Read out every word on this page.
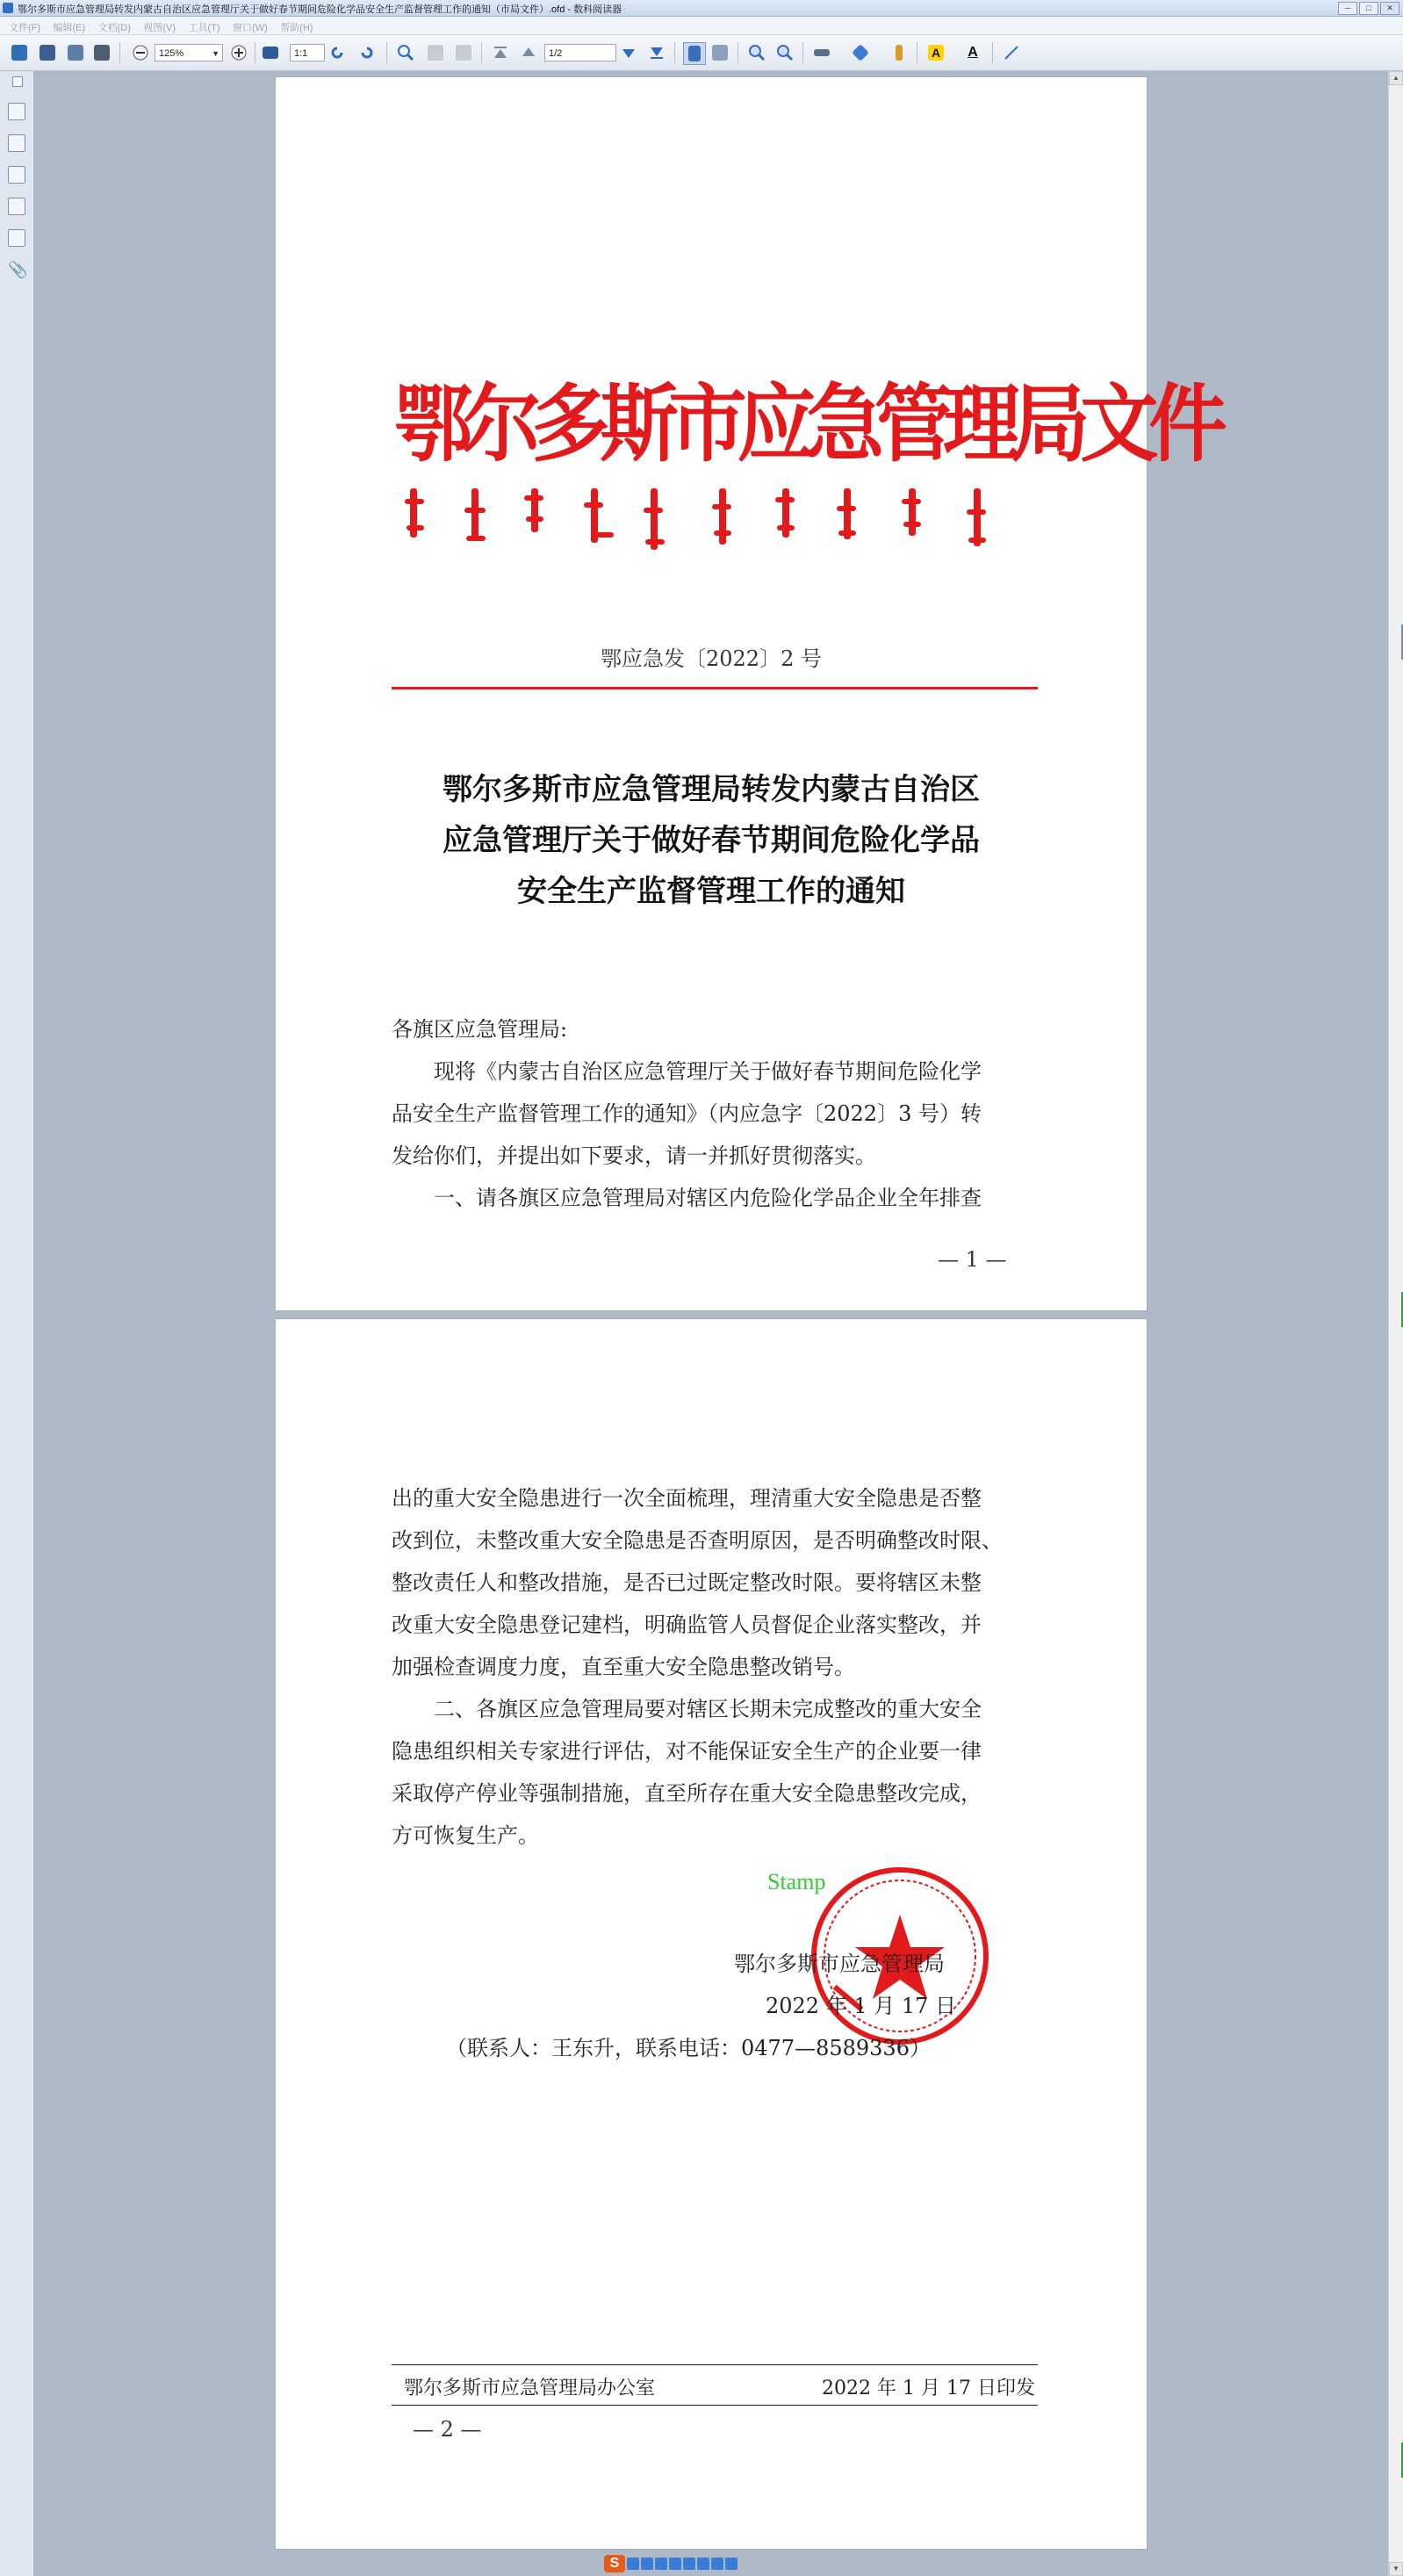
鄂尔多斯市应急管理局转发内蒙古自治区应急管理厅关于做好春节期间危险化学品安全生产监督管理工作的通知（市局文件）.ofd - 数科阅读器	─	□	✕
文件(F) 编辑(E) 文档(D) 视图(V) 工具(T) 窗口(W) 帮助(H)
125%	▼	1:1	1/2	A A
📎
▲
▼
鄂尔多斯市应急管理局文件
鄂应急发〔2022〕2 号
鄂尔多斯市应急管理局转发内蒙古自治区
应急管理厅关于做好春节期间危险化学品
安全生产监督管理工作的通知
各旗区应急管理局:
现将《内蒙古自治区应急管理厅关于做好春节期间危险化学
品安全生产监督管理工作的通知》（内应急字〔2022〕3 号）转
发给你们，并提出如下要求，请一并抓好贯彻落实。
一、请各旗区应急管理局对辖区内危险化学品企业全年排查
— 1 —
出的重大安全隐患进行一次全面梳理，理清重大安全隐患是否整
改到位，未整改重大安全隐患是否查明原因，是否明确整改时限、
整改责任人和整改措施，是否已过既定整改时限。要将辖区未整
改重大安全隐患登记建档，明确监管人员督促企业落实整改，并
加强检查调度力度，直至重大安全隐患整改销号。
二、各旗区应急管理局要对辖区长期未完成整改的重大安全
隐患组织相关专家进行评估，对不能保证安全生产的企业要一律
采取停产停业等强制措施，直至所存在重大安全隐患整改完成，
方可恢复生产。
Stamp
鄂尔多斯市应急管理局
2022 年 1 月 17 日
（联系人：王东升，联系电话：0477—8589336）
鄂尔多斯市应急管理局办公室	2022 年 1 月 17 日印发
— 2 —
S
